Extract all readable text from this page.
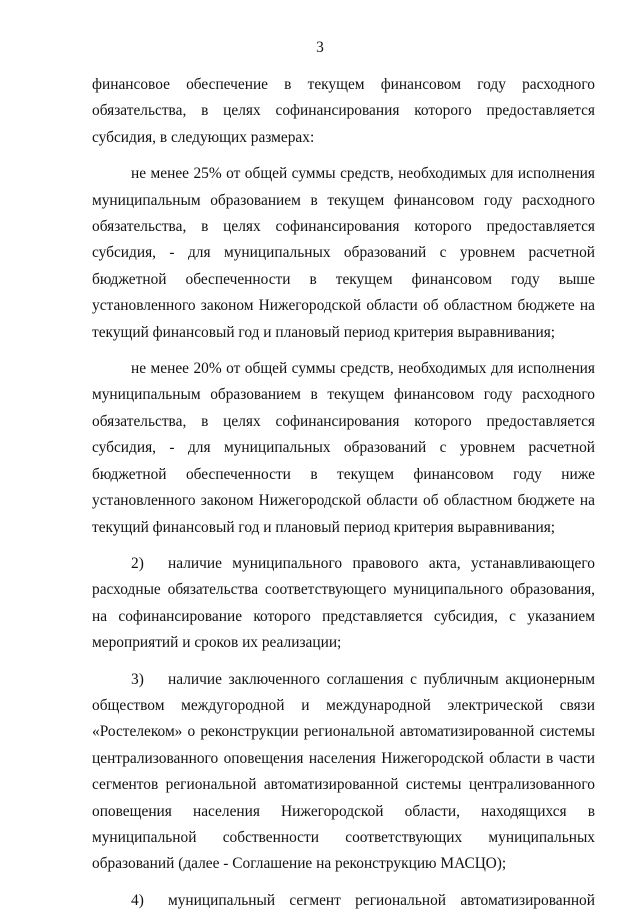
3

финансовое обеспечение в текущем финансовом году расходного обязательства, в целях софинансирования которого предоставляется субсидия, в следующих размерах:

не менее 25% от общей суммы средств, необходимых для исполнения муниципальным образованием в текущем финансовом году расходного обязательства, в целях софинансирования которого предоставляется субсидия, - для муниципальных образований с уровнем расчетной бюджетной обеспеченности в текущем финансовом году выше установленного законом Нижегородской области об областном бюджете на текущий финансовый год и плановый период критерия выравнивания;

не менее 20% от общей суммы средств, необходимых для исполнения муниципальным образованием в текущем финансовом году расходного обязательства, в целях софинансирования которого предоставляется субсидия, - для муниципальных образований с уровнем расчетной бюджетной обеспеченности в текущем финансовом году ниже установленного законом Нижегородской области об областном бюджете на текущий финансовый год и плановый период критерия выравнивания;

2) наличие муниципального правового акта, устанавливающего расходные обязательства соответствующего муниципального образования, на софинансирование которого представляется субсидия, с указанием мероприятий и сроков их реализации;

3) наличие заключенного соглашения с публичным акционерным обществом междугородной и международной электрической связи «Ростелеком» о реконструкции региональной автоматизированной системы централизованного оповещения населения Нижегородской области в части сегментов региональной автоматизированной системы централизованного оповещения населения Нижегородской области, находящихся в муниципальной собственности соответствующих муниципальных образований (далее - Соглашение на реконструкцию МАСЦО);

4) муниципальный сегмент региональной автоматизированной
